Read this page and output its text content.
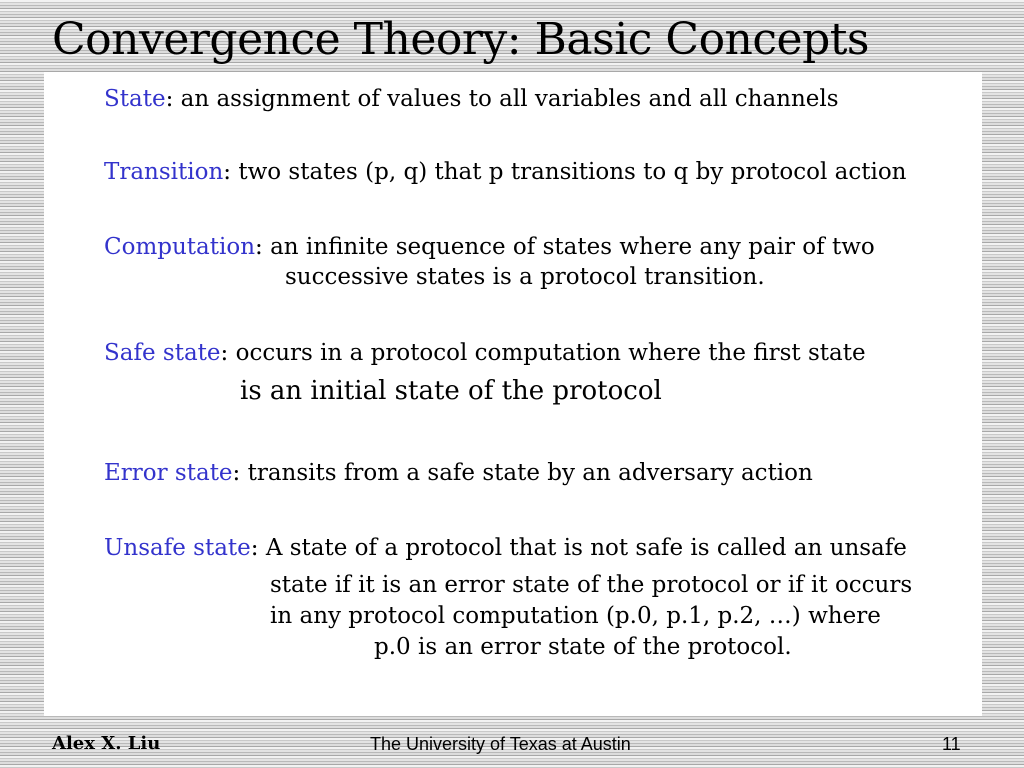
Convergence Theory: Basic Concepts

State: an assignment of values to all variables and all channels

Transition: two states (p, q) that p transitions to q by protocol action

Computation: an infinite sequence of states where any pair of two

successive states is a protocol transition.

Safe state: occurs in a protocol computation where the first state

is an initial state of the protocol

Error state: transits from a safe state by an adversary action

Unsafe state: A state of a protocol that is not safe is called an unsafe

state if it is an error state of the protocol or if it occurs

in any protocol computation (p.0, p.1, p.2, …) where

p.0 is an error state of the protocol.

Alex X. Liu	The University of Texas at Austin	11
